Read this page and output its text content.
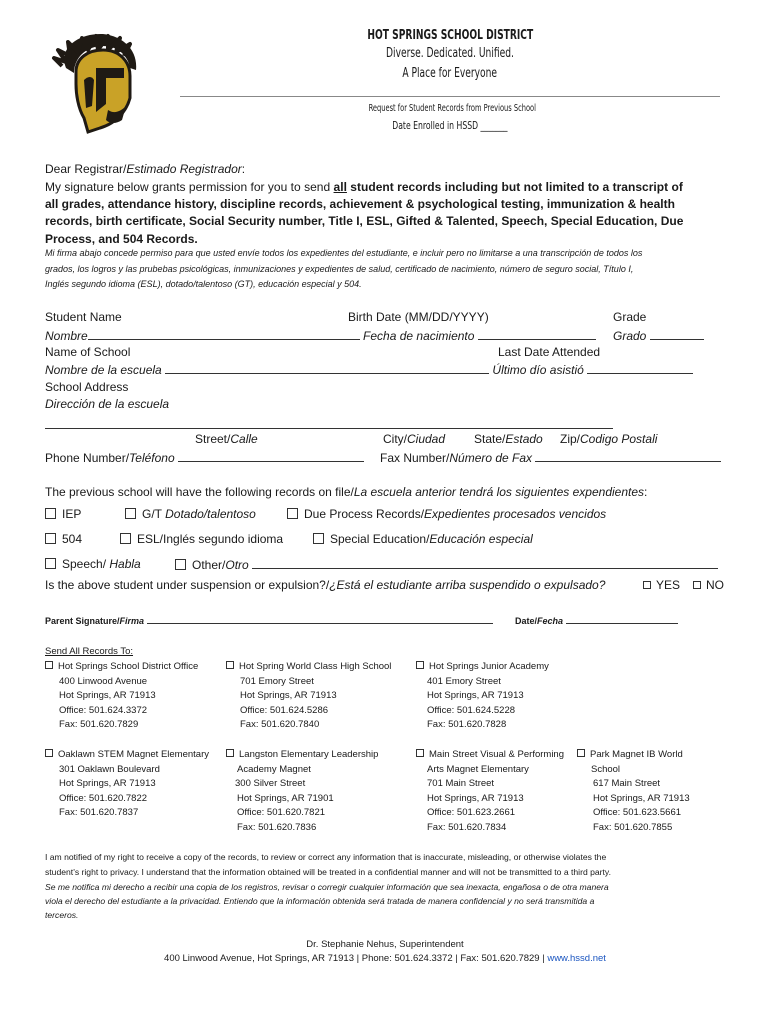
HOT SPRINGS SCHOOL DISTRICT
Diverse. Dedicated. Unified.
A Place for Everyone
Request for Student Records from Previous School
Date Enrolled in HSSD _______
Dear Registrar/Estimado Registrador:
My signature below grants permission for you to send all student records including but not limited to a transcript of
all grades, attendance history, discipline records, achievement & psychological testing, immunization & health
records, birth certificate, Social Security number, Title I, ESL, Gifted & Talented, Speech, Special Education, Due
Process, and 504 Records.
Mi firma abajo concede permiso para que usted envíe todos los expedientes del estudiante, e incluir pero no limitarse a una transcripción de todos los
grados, los logros y las prubebas psicológicas, inmunizaciones y expedientes de salud, certificado de nacimiento, número de seguro social, Título I,
Inglés segundo idioma (ESL), dotado/talentoso (GT), educación especial y 504.
Student Name	Birth Date (MM/DD/YYYY)	Grade
Nombre	Fecha de nacimiento	Grado
Name of School	Last Date Attended
Nombre de la escuela	Último dío asistió
School Address
Dirección de la escuela
Street/Calle	City/Ciudad State/Estado Zip/Codigo Postali
Phone Number/Teléfono	Fax Number/Número de Fax
The previous school will have the following records on file/La escuela anterior tendrá los siguientes expendientes:
IEP	G/T Dotado/talentoso	Due Process Records/Expedientes procesados vencidos
504	ESL/Inglés segundo idioma	Special Education/Educación especial
Speech/ Habla	Other/Otro
Is the above student under suspension or expulsion?/¿Está el estudiante arriba suspendido o expulsado?	YES	NO
Parent Signature/Firma	Date/Fecha
Send All Records To:
Hot Springs School District Office
400 Linwood Avenue
Hot Springs, AR 71913
Office: 501.624.3372
Fax: 501.620.7829
Hot Spring World Class High School
701 Emory Street
Hot Springs, AR 71913
Office: 501.624.5286
Fax: 501.620.7840
Hot Springs Junior Academy
401 Emory Street
Hot Springs, AR 71913
Office: 501.624.5228
Fax: 501.620.7828
Oaklawn STEM Magnet Elementary
301 Oaklawn Boulevard
Hot Springs, AR 71913
Office: 501.620.7822
Fax: 501.620.7837
Langston Elementary Leadership
Academy Magnet
300 Silver Street
Hot Springs, AR 71901
Office: 501.620.7821
Fax: 501.620.7836
Main Street Visual & Performing
Arts Magnet Elementary
701 Main Street
Hot Springs, AR 71913
Office: 501.623.2661
Fax: 501.620.7834
Park Magnet IB World
School
617 Main Street
Hot Springs, AR 71913
Office: 501.623.5661
Fax: 501.620.7855
I am notified of my right to receive a copy of the records, to review or correct any information that is inaccurate, misleading, or otherwise violates the
student's right to privacy. I understand that the information obtained will be treated in a confidential manner and will not be transmitted to a third party.
Se me notifica mi derecho a recibir una copia de los registros, revisar o corregir cualquier información que sea inexacta, engañosa o de otra manera
viola el derecho del estudiante a la privacidad. Entiendo que la información obtenida será tratada de manera confidencial y no será transmitida a
terceros.
Dr. Stephanie Nehus, Superintendent
400 Linwood Avenue, Hot Springs, AR 71913 | Phone: 501.624.3372 | Fax: 501.620.7829 | www.hssd.net
